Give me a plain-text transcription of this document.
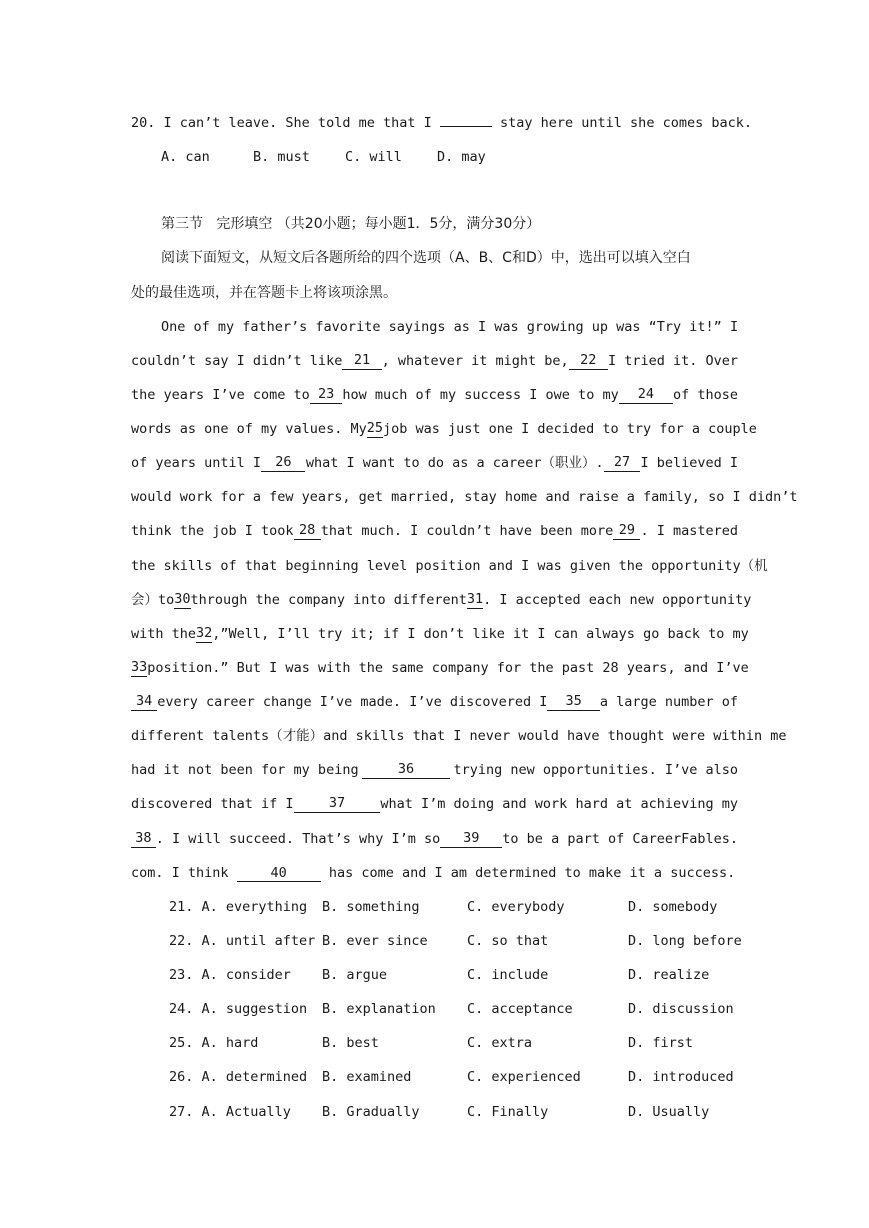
20. I can’t leave. She told me that I	stay here until she comes back.
A. can	B. must	C. will	D. may
第三节   完形填空 （共20小题；每小题1．5分，满分30分）
阅读下面短文，从短文后各题所给的四个选项（A、B、C和D）中，选出可以填入空白
处的最佳选项，并在答题卡上将该项涂黑。
One of my father’s favorite sayings as I was growing up was “Try it!” I
couldn’t say I didn’t like 21 , whatever it might be, 22 I tried it. Over
the years I’ve come to 23 how much of my success I owe to my	24	of those
words as one of my values. My 25 job was just one I decided to try for a couple
of years until I	26	what I want to do as a career（职业）. 27 I believed I
would work for a few years, get married, stay home and raise a family, so I didn’t
think the job I took 28 that much. I couldn’t have been more 29 . I mastered
the skills of that beginning level position and I was given the opportunity（机
会）to 30 through the company into different 31 . I accepted each new opportunity
with the 32 ,”Well, I’ll try it; if I don’t like it I can always go back to my
33 position.” But I was with the same company for the past 28 years, and I’ve
34 every career change I’ve made. I’ve discovered I	35	a large number of
different talents（才能）and skills that I never would have thought were within me
had it not been for my being	36	trying new opportunities. I’ve also
discovered that if I	37	what I’m doing and work hard at achieving my
38 . I will succeed. That’s why I’m so	39	to be a part of CareerFables.
com. I think	40	has come and I am determined to make it a success.
21. A. everything B. something	C. everybody	D. somebody
22. A. until after B. ever since	C. so that	D. long before
23. A. consider B. argue	C. include	D. realize
24. A. suggestion B. explanation C. acceptance	D. discussion
25. A. hard	B. best	C. extra	D. first
26. A. determined B. examined	C. experienced	D. introduced
27. A. Actually B. Gradually	C. Finally	D. Usually
